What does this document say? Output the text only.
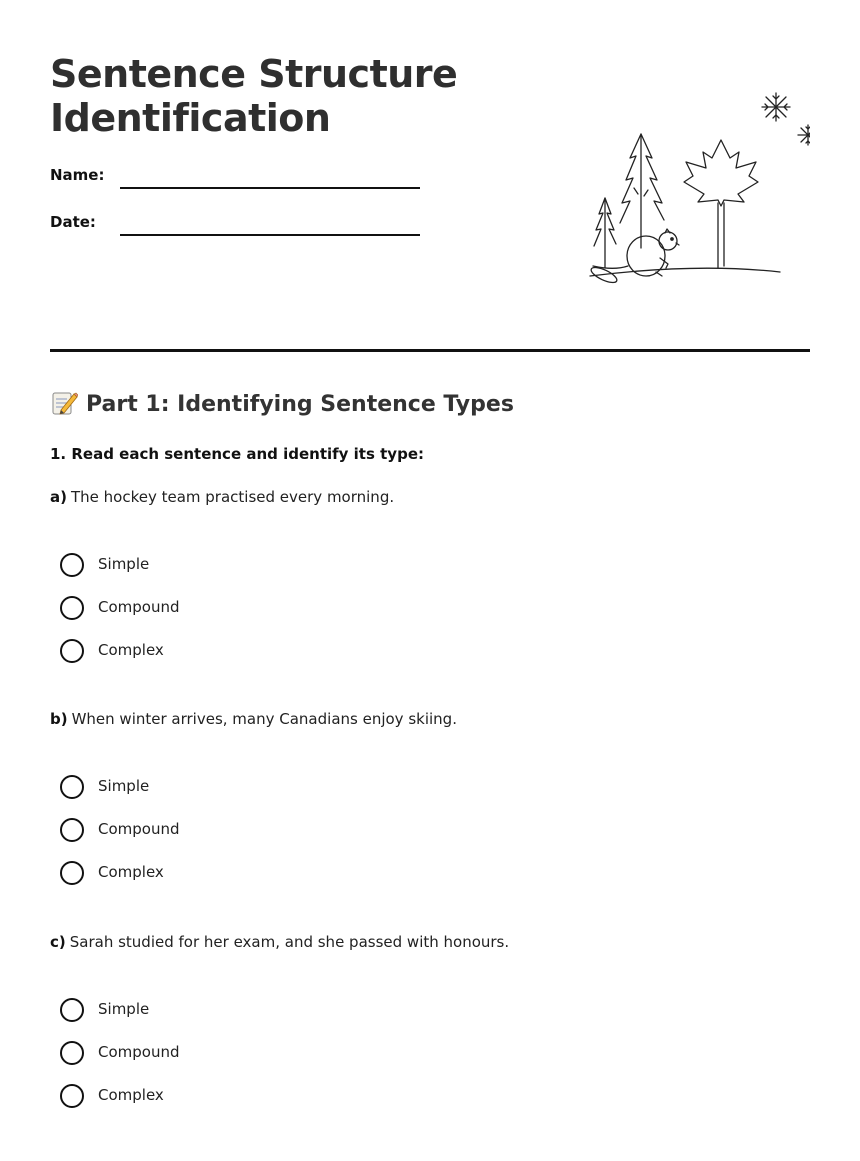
Sentence Structure
Identification
Name:
Date:
Part 1: Identifying Sentence Types
1. Read each sentence and identify its type:
a) The hockey team practised every morning.
Simple
Compound
Complex
b) When winter arrives, many Canadians enjoy skiing.
Simple
Compound
Complex
c) Sarah studied for her exam, and she passed with honours.
Simple
Compound
Complex
